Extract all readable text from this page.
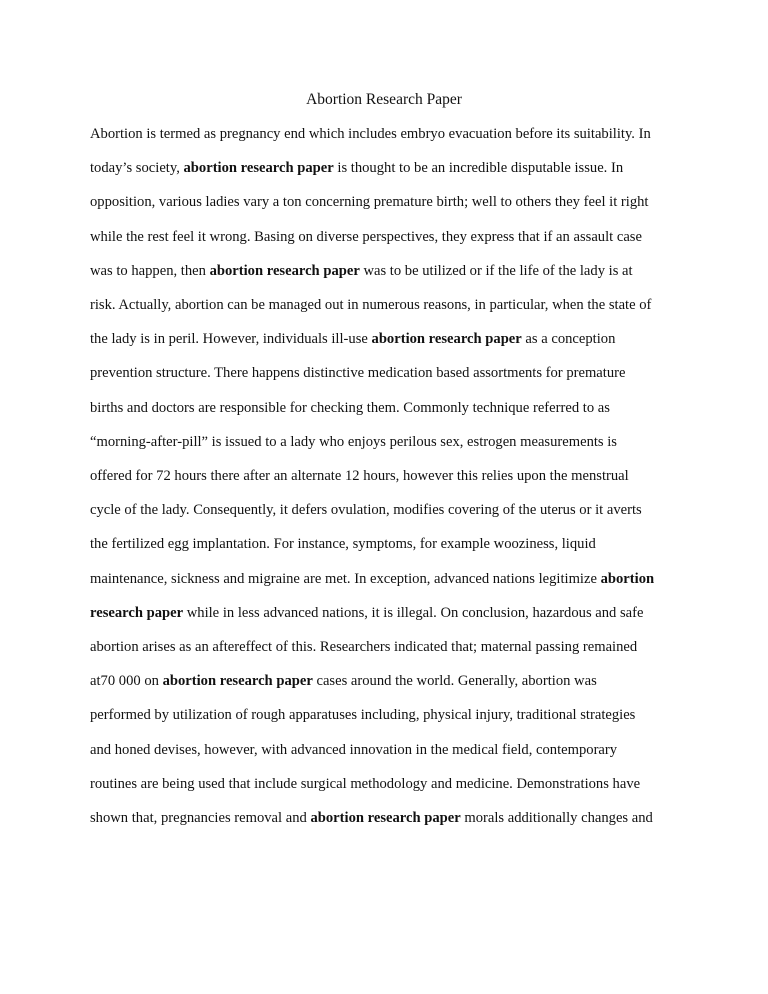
Abortion Research Paper
Abortion is termed as pregnancy end which includes embryo evacuation before its suitability. In
today’s society, abortion research paper is thought to be an incredible disputable issue. In
opposition, various ladies vary a ton concerning premature birth; well to others they feel it right
while the rest feel it wrong. Basing on diverse perspectives, they express that if an assault case
was to happen, then abortion research paper was to be utilized or if the life of the lady is at
risk. Actually, abortion can be managed out in numerous reasons, in particular, when the state of
the lady is in peril. However, individuals ill-use abortion research paper as a conception
prevention structure. There happens distinctive medication based assortments for premature
births and doctors are responsible for checking them. Commonly technique referred to as
“morning-after-pill” is issued to a lady who enjoys perilous sex, estrogen measurements is
offered for 72 hours there after an alternate 12 hours, however this relies upon the menstrual
cycle of the lady. Consequently, it defers ovulation, modifies covering of the uterus or it averts
the fertilized egg implantation. For instance, symptoms, for example wooziness, liquid
maintenance, sickness and migraine are met. In exception, advanced nations legitimize abortion
research paper while in less advanced nations, it is illegal. On conclusion, hazardous and safe
abortion arises as an aftereffect of this. Researchers indicated that; maternal passing remained
at70 000 on abortion research paper cases around the world. Generally, abortion was
performed by utilization of rough apparatuses including, physical injury, traditional strategies
and honed devises, however, with advanced innovation in the medical field, contemporary
routines are being used that include surgical methodology and medicine. Demonstrations have
shown that, pregnancies removal and abortion research paper morals additionally changes and
